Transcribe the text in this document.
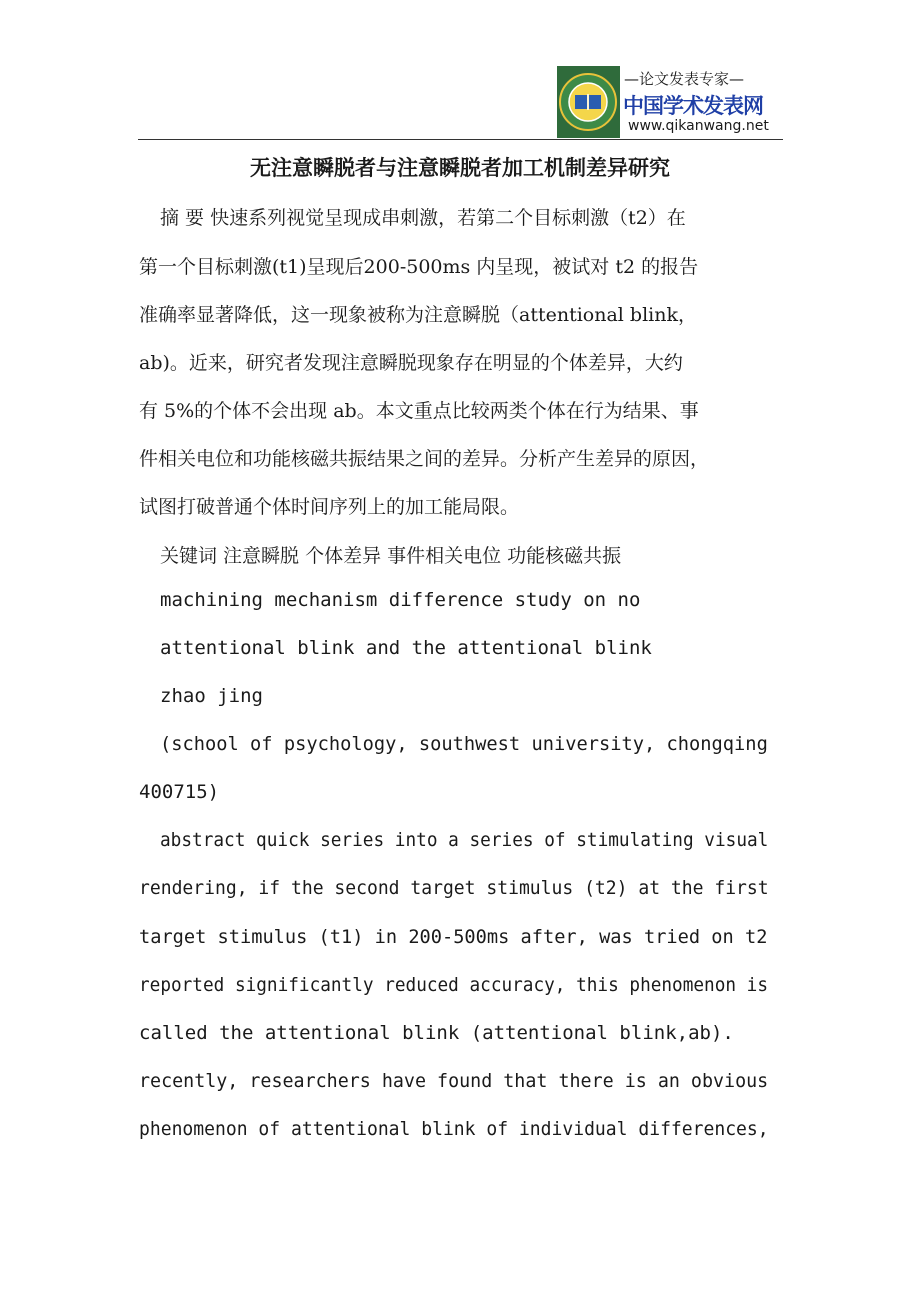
—论文发表专家—
中国学术发表网
www.qikanwang.net
无注意瞬脱者与注意瞬脱者加工机制差异研究
摘 要 快速系列视觉呈现成串刺激，若第二个目标刺激（t2）在
第一个目标刺激(t1)呈现后200-500ms 内呈现，被试对 t2 的报告
准确率显著降低，这一现象被称为注意瞬脱（attentional blink，
ab)。近来，研究者发现注意瞬脱现象存在明显的个体差异，大约
有 5%的个体不会出现 ab。本文重点比较两类个体在行为结果、事
件相关电位和功能核磁共振结果之间的差异。分析产生差异的原因，
试图打破普通个体时间序列上的加工能局限。
关键词 注意瞬脱 个体差异 事件相关电位 功能核磁共振
machining mechanism difference study on no
attentional blink and the attentional blink
zhao jing
(school of psychology, southwest university, chongqing
400715)
abstract quick series into a series of stimulating visual
rendering, if the second target stimulus (t2) at the first
target stimulus (t1) in 200-500ms after, was tried on t2
reported significantly reduced accuracy, this phenomenon is
called the attentional blink (attentional blink,ab).
recently, researchers have found that there is an obvious
phenomenon of attentional blink of individual differences,
